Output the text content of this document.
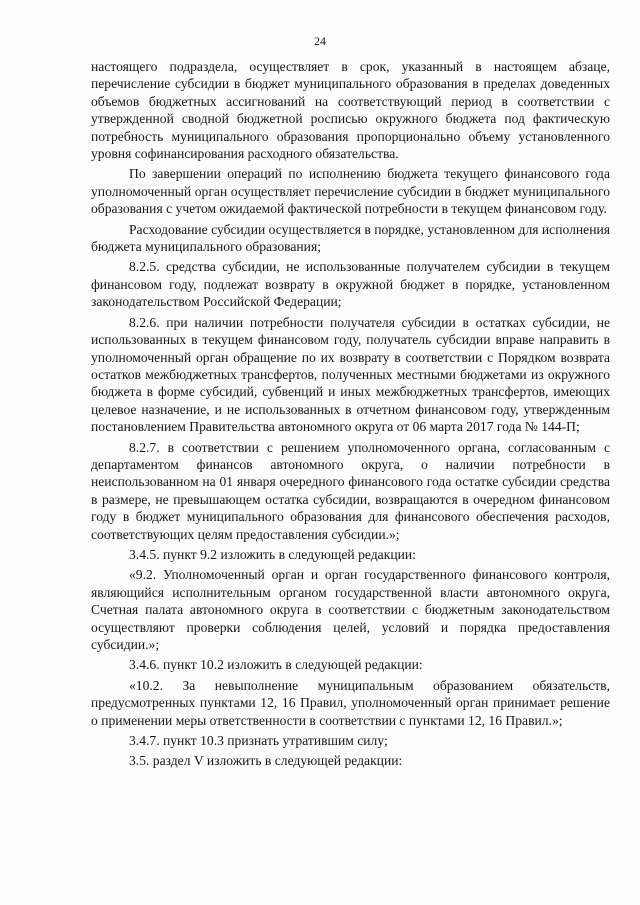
24

настоящего подраздела, осуществляет в срок, указанный в настоящем абзаце, перечисление субсидии в бюджет муниципального образования в пределах доведенных объемов бюджетных ассигнований на соответствующий период в соответствии с утвержденной сводной бюджетной росписью окружного бюджета под фактическую потребность муниципального образования пропорционально объему установленного уровня софинансирования расходного обязательства.

По завершении операций по исполнению бюджета текущего финансового года уполномоченный орган осуществляет перечисление субсидии в бюджет муниципального образования с учетом ожидаемой фактической потребности в текущем финансовом году.

Расходование субсидии осуществляется в порядке, установленном для исполнения бюджета муниципального образования;

8.2.5. средства субсидии, не использованные получателем субсидии в текущем финансовом году, подлежат возврату в окружной бюджет в порядке, установленном законодательством Российской Федерации;

8.2.6. при наличии потребности получателя субсидии в остатках субсидии, не использованных в текущем финансовом году, получатель субсидии вправе направить в уполномоченный орган обращение по их возврату в соответствии с Порядком возврата остатков межбюджетных трансфертов, полученных местными бюджетами из окружного бюджета в форме субсидий, субвенций и иных межбюджетных трансфертов, имеющих целевое назначение, и не использованных в отчетном финансовом году, утвержденным постановлением Правительства автономного округа от 06 марта 2017 года № 144-П;

8.2.7. в соответствии с решением уполномоченного органа, согласованным с департаментом финансов автономного округа, о наличии потребности в неиспользованном на 01 января очередного финансового года остатке субсидии средства в размере, не превышающем остатка субсидии, возвращаются в очередном финансовом году в бюджет муниципального образования для финансового обеспечения расходов, соответствующих целям предоставления субсидии.»;

3.4.5. пункт 9.2 изложить в следующей редакции:

«9.2. Уполномоченный орган и орган государственного финансового контроля, являющийся исполнительным органом государственной власти автономного округа, Счетная палата автономного округа в соответствии с бюджетным законодательством осуществляют проверки соблюдения целей, условий и порядка предоставления субсидии.»;

3.4.6. пункт 10.2 изложить в следующей редакции:

«10.2. За невыполнение муниципальным образованием обязательств, предусмотренных пунктами 12, 16 Правил, уполномоченный орган принимает решение о применении меры ответственности в соответствии с пунктами 12, 16 Правил.»;

3.4.7. пункт 10.3 признать утратившим силу;

3.5. раздел V изложить в следующей редакции:
